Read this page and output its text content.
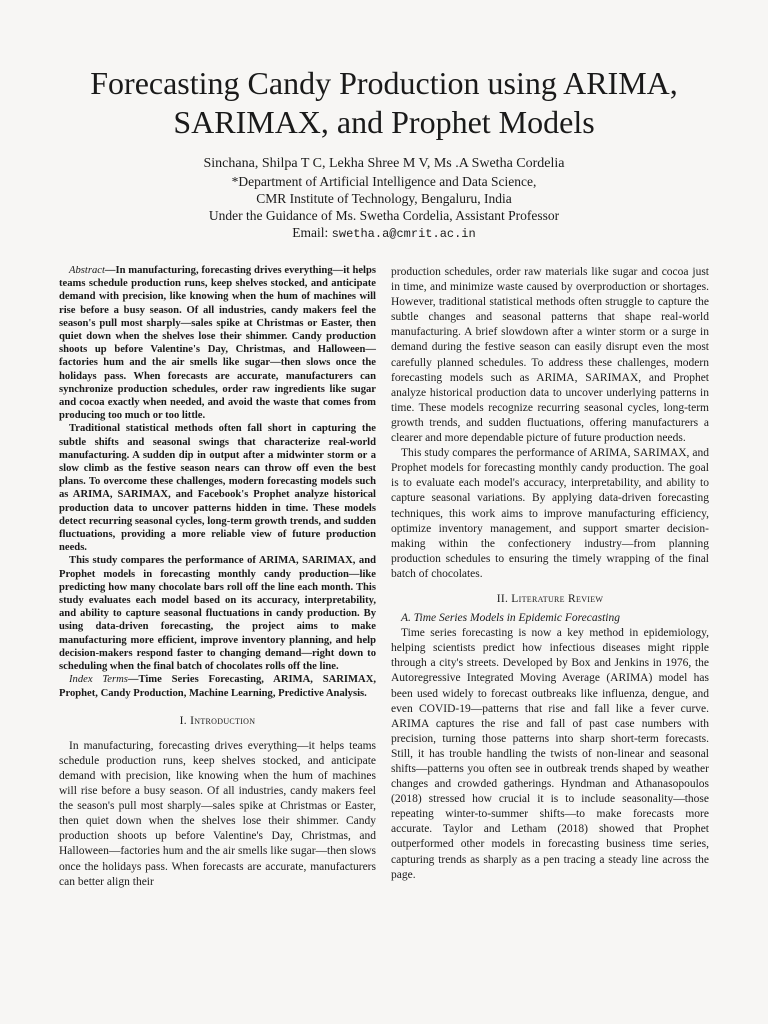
Forecasting Candy Production using ARIMA,
SARIMAX, and Prophet Models
Sinchana, Shilpa T C, Lekha Shree M V, Ms .A Swetha Cordelia
*Department of Artificial Intelligence and Data Science,
CMR Institute of Technology, Bengaluru, India
Under the Guidance of Ms. Swetha Cordelia, Assistant Professor
Email: swetha.a@cmrit.ac.in

Abstract—In manufacturing, forecasting drives everything—it helps teams schedule production runs, keep shelves stocked, and anticipate demand with precision, like knowing when the hum of machines will rise before a busy season. Of all industries, candy makers feel the season's pull most sharply—sales spike at Christmas or Easter, then quiet down when the shelves lose their shimmer. Candy production shoots up before Valentine's Day, Christmas, and Halloween—factories hum and the air smells like sugar—then slows once the holidays pass. When forecasts are accurate, manufacturers can synchronize production schedules, order raw ingredients like sugar and cocoa exactly when needed, and avoid the waste that comes from producing too much or too little.

Traditional statistical methods often fall short in capturing the subtle shifts and seasonal swings that characterize real-world manufacturing. A sudden dip in output after a midwinter storm or a slow climb as the festive season nears can throw off even the best plans. To overcome these challenges, modern forecasting models such as ARIMA, SARIMAX, and Facebook's Prophet analyze historical production data to uncover patterns hidden in time. These models detect recurring seasonal cycles, long-term growth trends, and sudden fluctuations, providing a more reliable view of future production needs.

This study compares the performance of ARIMA, SARIMAX, and Prophet models in forecasting monthly candy production—like predicting how many chocolate bars roll off the line each month. This study evaluates each model based on its accuracy, interpretability, and ability to capture seasonal fluctuations in candy production. By using data-driven forecasting, the project aims to make manufacturing more efficient, improve inventory planning, and help decision-makers respond faster to changing demand—right down to scheduling when the final batch of chocolates rolls off the line.

Index Terms—Time Series Forecasting, ARIMA, SARIMAX, Prophet, Candy Production, Machine Learning, Predictive Analysis.

I. Introduction

In manufacturing, forecasting drives everything—it helps teams schedule production runs, keep shelves stocked, and anticipate demand with precision, like knowing when the hum of machines will rise before a busy season. Of all industries, candy makers feel the season's pull most sharply—sales spike at Christmas or Easter, then quiet down when the shelves lose their shimmer. Candy production shoots up before Valentine's Day, Christmas, and Halloween—factories hum and the air smells like sugar—then slows once the holidays pass. When forecasts are accurate, manufacturers can better align their

production schedules, order raw materials like sugar and cocoa just in time, and minimize waste caused by overproduction or shortages. However, traditional statistical methods often struggle to capture the subtle changes and seasonal patterns that shape real-world manufacturing. A brief slowdown after a winter storm or a surge in demand during the festive season can easily disrupt even the most carefully planned schedules. To address these challenges, modern forecasting models such as ARIMA, SARIMAX, and Prophet analyze historical production data to uncover underlying patterns in time. These models recognize recurring seasonal cycles, long-term growth trends, and sudden fluctuations, offering manufacturers a clearer and more dependable picture of future production needs.

This study compares the performance of ARIMA, SARIMAX, and Prophet models for forecasting monthly candy production. The goal is to evaluate each model's accuracy, interpretability, and ability to capture seasonal variations. By applying data-driven forecasting techniques, this work aims to improve manufacturing efficiency, optimize inventory management, and support smarter decision-making within the confectionery industry—from planning production schedules to ensuring the timely wrapping of the final batch of chocolates.

II. Literature Review

A. Time Series Models in Epidemic Forecasting

Time series forecasting is now a key method in epidemiology, helping scientists predict how infectious diseases might ripple through a city's streets. Developed by Box and Jenkins in 1976, the Autoregressive Integrated Moving Average (ARIMA) model has been used widely to forecast outbreaks like influenza, dengue, and even COVID-19—patterns that rise and fall like a fever curve. ARIMA captures the rise and fall of past case numbers with precision, turning those patterns into sharp short-term forecasts. Still, it has trouble handling the twists of non-linear and seasonal shifts—patterns you often see in outbreak trends shaped by weather changes and crowded gatherings. Hyndman and Athanasopoulos (2018) stressed how crucial it is to include seasonality—those repeating winter-to-summer shifts—to make forecasts more accurate. Taylor and Letham (2018) showed that Prophet outperformed other models in forecasting business time series, capturing trends as sharply as a pen tracing a steady line across the page.
